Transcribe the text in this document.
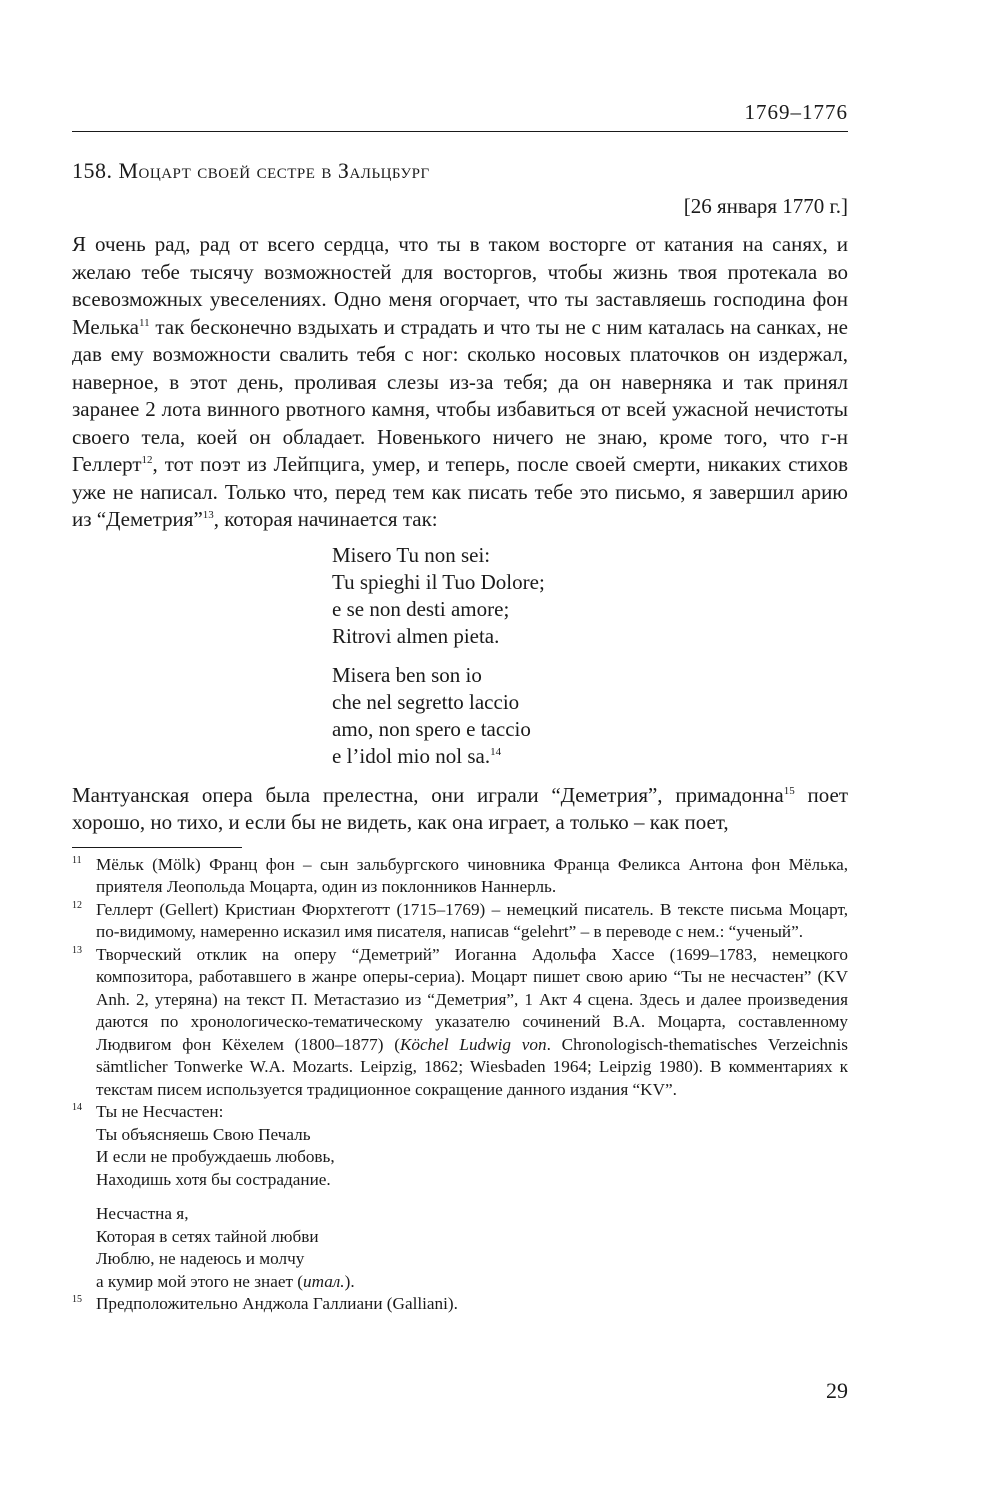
1769–1776
158. Моцарт своей сестре в Зальцбург
[26 января 1770 г.]
Я очень рад, рад от всего сердца, что ты в таком восторге от катания на санях, и желаю тебе тысячу возможностей для восторгов, чтобы жизнь твоя протекала во всевозможных увеселениях. Одно меня огорчает, что ты заставляешь господина фон Мелька$^{11}$ так бесконечно вздыхать и страдать и что ты не с ним каталась на санках, не дав ему возможности свалить тебя с ног: сколько носовых платочков он издержал, наверное, в этот день, проливая слезы из-за тебя; да он наверняка и так принял заранее 2 лота винного рвотного камня, чтобы избавиться от всей ужасной нечистоты своего тела, коей он обладает. Новенького ничего не знаю, кроме того, что г-н Геллерт$^{12}$, тот поэт из Лейпцига, умер, и теперь, после своей смерти, никаких стихов уже не написал. Только что, перед тем как писать тебе это письмо, я завершил арию из “Деметрия”$^{13}$, которая начинается так:
Misero Tu non sei:
Tu spieghi il Tuo Dolore;
e se non desti amore;
Ritrovi almen pieta.
Misera ben son io
che nel segretto laccio
amo, non spero e taccio
e l’idol mio nol sa.$^{14}$
Мантуанская опера была прелестна, они играли “Деметрия”, примадонна$^{15}$ поет хорошо, но тихо, и если бы не видеть, как она играет, а только – как поет,
11 Мёльк (Mölk) Франц фон – сын зальбургского чиновника Франца Феликса Антона фон Мёлька, приятеля Леопольда Моцарта, один из поклонников Наннерль.
12 Геллерт (Gellert) Кристиан Фюрхтеготт (1715–1769) – немецкий писатель. В тексте письма Моцарт, по-видимому, намеренно исказил имя писателя, написав “gelehrt” – в переводе с нем.: “ученый”.
13 Творческий отклик на оперу “Деметрий” Иоганна Адольфа Хассе (1699–1783, немецкого композитора, работавшего в жанре оперы-сериа). Моцарт пишет свою арию “Ты не несчастен” (KV Anh. 2, утеряна) на текст П. Метастазио из “Деметрия”, 1 Акт 4 сцена. Здесь и далее произведения даются по хронологическо-тематическому указателю сочинений В.А. Моцарта, составленному Людвигом фон Кёхелем (1800–1877) (Köchel Ludwig von. Chronologisch-thematisches Verzeichnis sämtlicher Tonwerke W.A. Mozarts. Leipzig, 1862; Wiesbaden 1964; Leipzig 1980). В комментариях к текстам писем используется традиционное сокращение данного издания “KV”.
14 Ты не Несчастен:
Ты объясняешь Свою Печаль
И если не пробуждаешь любовь,
Находишь хотя бы сострадание.
Несчастна я,
Которая в сетях тайной любви
Люблю, не надеюсь и молчу
а кумир мой этого не знает (итал.).
15 Предположительно Анджола Галлиани (Galliani).
29
